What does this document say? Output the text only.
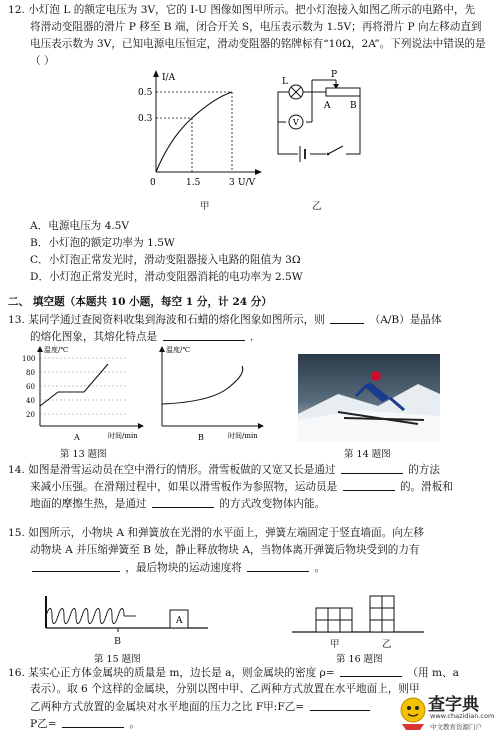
12. 小灯泡 L 的额定电压为 3V，它的 I-U 图像如图甲所示。把小灯泡接入如图乙所示的电路中，先
将滑动变阻器的滑片 P 移至 B 端，闭合开关 S，电压表示数为 1.5V；再将滑片 P 向左移动直到
电压表示数为 3V，已知电源电压恒定，滑动变阻器的铭牌标有“10Ω，2A”。下列说法中错误的是
（ ）
I/A
0.5
0.3
0	1.5	3 U/V
甲
L
P
A B
V
乙
A．电源电压为 4.5V
B．小灯泡的额定功率为 1.5W
C．小灯泡正常发光时，滑动变阻器接入电路的阻值为 3Ω
D．小灯泡正常发光时，滑动变阻器消耗的电功率为 2.5W
二、 填空题（本题共 10 小题，每空 1 分，计 24 分）
13. 某同学通过查阅资料收集到海波和石蜡的熔化图象如图所示，则	（A/B）是晶体
的熔化图象，其熔化特点是	．
温度/℃
100
80
60
40
20
A	时间/min
温度/℃
B	时间/min
第 13 题图	第 14 题图
14. 如图是滑雪运动员在空中滑行的情形。滑雪板做的又宽又长是通过	的方法
来减小压强。在滑翔过程中，如果以滑雪板作为参照物，运动员是	的。滑板和
地面的摩擦生热，是通过	的方式改变物体内能。
15. 如图所示，小物块 A 和弹簧放在光滑的水平面上，弹簧左端固定于竖直墙面。向左移
动物块 A 并压缩弹簧至 B 处，静止释放物块 A，当物体离开弹簧后物块受到的力有
，最后物块的运动速度将	。
A
B
第 15 题图
甲	乙
第 16 题图
16. 某实心正方体金属块的质量是 m，边长是 a，则金属块的密度 ρ=	（用 m、a
表示）。取 6 个这样的金属块，分别以图中甲、乙两种方式放置在水平地面上，则甲
乙两种方式放置的金属块对水平地面的压力之比 F甲:F乙=
P乙=	。
查字典
www.chazidian.com
中文教育资源门户
